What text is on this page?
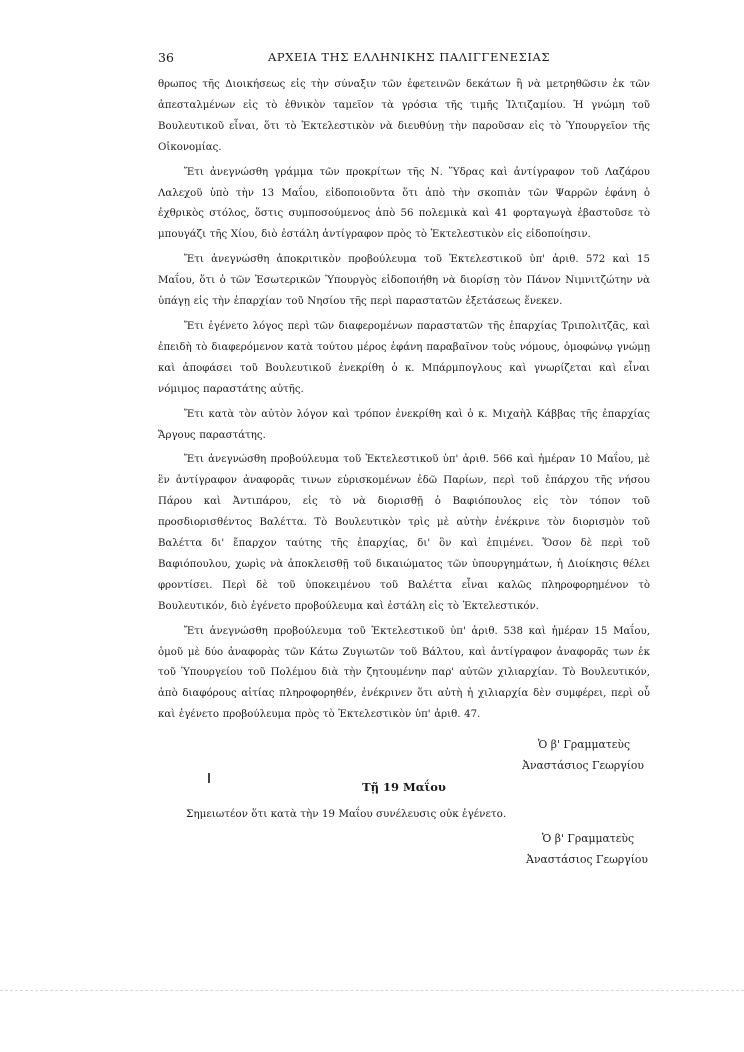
36	ΑΡΧΕΙΑ ΤΗΣ ΕΛΛΗΝΙΚΗΣ ΠΑΛΙΓΓΕΝΕΣΙΑΣ

θρωπος τῆς Διοικήσεως εἰς τὴν σύναξιν τῶν ἐφετεινῶν δεκάτων ἢ νὰ μετρηθῶσιν ἐκ τῶν ἀπεσταλμένων εἰς τὸ ἐθνικὸν ταμεῖον τὰ γρόσια τῆς τιμῆς Ἰλτιζαμίου. Ἡ γνώμη τοῦ Βουλευτικοῦ εἶναι, ὅτι τὸ Ἐκτελεστικὸν νὰ διευθύνῃ τὴν παροῦσαν εἰς τὸ Ὑπουργεῖον τῆς Οἰκονομίας.

Ἔτι ἀνεγνώσθη γράμμα τῶν προκρίτων τῆς Ν. Ὕδρας καὶ ἀντίγραφον τοῦ Λαζάρου Λαλεχοῦ ὑπὸ τὴν 13 Μαΐου, εἰδοποιοῦντα ὅτι ἀπὸ τὴν σκοπιὰν τῶν Ψαρρῶν ἐφάνη ὁ ἐχθρικὸς στόλος, ὅστις συμποσούμενος ἀπὸ 56 πολεμικὰ καὶ 41 φορταγωγὰ ἐβαστοῦσε τὸ μπουγάζι τῆς Χίου, διὸ ἐστάλη ἀντίγραφον πρὸς τὸ Ἐκτελεστικὸν εἰς εἰδοποίησιν.

Ἔτι ἀνεγνώσθη ἀποκριτικὸν προβούλευμα τοῦ Ἐκτελεστικοῦ ὑπ' ἀριθ. 572 καὶ 15 Μαΐου, ὅτι ὁ τῶν Ἐσωτερικῶν Ὑπουργὸς εἰδοποιήθη νὰ διορίσῃ τὸν Πάνον Νιμνιτζώτην νὰ ὑπάγῃ εἰς τὴν ἐπαρχίαν τοῦ Νησίου τῆς περὶ παραστατῶν ἐξετάσεως ἕνεκεν.

Ἔτι ἐγένετο λόγος περὶ τῶν διαφερομένων παραστατῶν τῆς ἐπαρχίας Τριπολιτζᾶς, καὶ ἐπειδὴ τὸ διαφερόμενον κατὰ τούτου μέρος ἐφάνη παραβαῖνον τοὺς νόμους, ὁμοφώνῳ γνώμῃ καὶ ἀποφάσει τοῦ Βουλευτικοῦ ἐνεκρίθη ὁ κ. Μπάρμπογλους καὶ γνωρίζεται καὶ εἶναι νόμιμος παραστάτης αὐτῆς.

Ἔτι κατὰ τὸν αὐτὸν λόγον καὶ τρόπον ἐνεκρίθη καὶ ὁ κ. Μιχαὴλ Κάββας τῆς ἐπαρχίας Ἄργους παραστάτης.

Ἔτι ἀνεγνώσθη προβούλευμα τοῦ Ἐκτελεστικοῦ ὑπ' ἀριθ. 566 καὶ ἡμέραν 10 Μαΐου, μὲ ἓν ἀντίγραφον ἀναφορᾶς τινων εὑρισκομένων ἐδῶ Παρίων, περὶ τοῦ ἐπάρχου τῆς νήσου Πάρου καὶ Ἀντιπάρου, εἰς τὸ νὰ διορισθῇ ὁ Βαφιόπουλος εἰς τὸν τόπον τοῦ προσδιορισθέντος Βαλέττα. Τὸ Βουλευτικὸν τρὶς μὲ αὐτὴν ἐνέκρινε τὸν διορισμὸν τοῦ Βαλέττα δι' ἔπαρχον ταύτης τῆς ἐπαρχίας, δι' ὃν καὶ ἐπιμένει. Ὅσον δὲ περὶ τοῦ Βαφιόπουλου, χωρὶς νὰ ἀποκλεισθῇ τοῦ δικαιώματος τῶν ὑπουργημάτων, ἡ Διοίκησις θέλει φροντίσει. Περὶ δὲ τοῦ ὑποκειμένου τοῦ Βαλέττα εἶναι καλῶς πληροφορημένον τὸ Βουλευτικόν, διὸ ἐγένετο προβούλευμα καὶ ἐστάλη εἰς τὸ Ἐκτελεστικόν.

Ἔτι ἀνεγνώσθη προβούλευμα τοῦ Ἐκτελεστικοῦ ὑπ' ἀριθ. 538 καὶ ἡμέραν 15 Μαΐου, ὁμοῦ μὲ δύο ἀναφορὰς τῶν Κάτω Ζυγιωτῶν τοῦ Βάλτου, καὶ ἀντίγραφον ἀναφορᾶς των ἐκ τοῦ Ὑπουργείου τοῦ Πολέμου διὰ τὴν ζητουμένην παρ' αὐτῶν χιλιαρχίαν. Τὸ Βουλευτικόν, ἀπὸ διαφόρους αἰτίας πληροφορηθέν, ἐνέκρινεν ὅτι αὐτὴ ἡ χιλιαρχία δὲν συμφέρει, περὶ οὗ καὶ ἐγένετο προβούλευμα πρὸς τὸ Ἐκτελεστικὸν ὑπ' ἀριθ. 47.

Ὁ β' Γραμματεὺς
Ἀναστάσιος Γεωργίου
Τῇ 19 Μαΐου
Σημειωτέον ὅτι κατὰ τὴν 19 Μαΐου συνέλευσις οὐκ ἐγένετο.
Ὁ β' Γραμματεὺς
Ἀναστάσιος Γεωργίου
